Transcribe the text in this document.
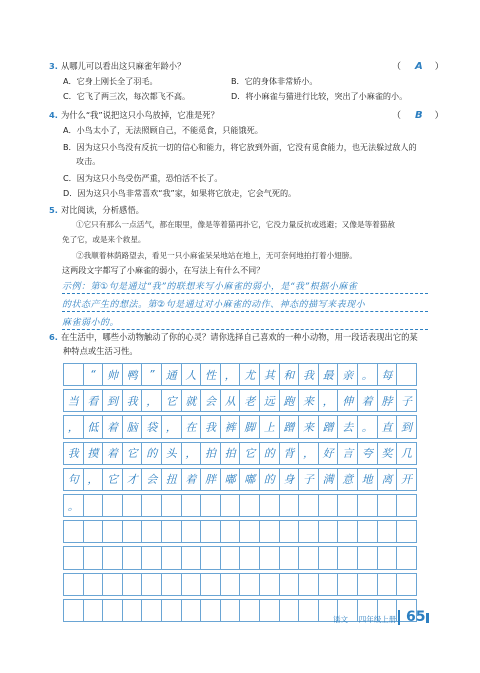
3. 从哪儿可以看出这只麻雀年龄小？	（ A ）
A．它身上刚长全了羽毛。	B．它的身体非常娇小。
C．它飞了两三次，每次都飞不高。	D．将小麻雀与猫进行比较，突出了小麻雀的小。
4. 为什么“我”说把这只小鸟放掉，它准是死？	（ B ）
A．小鸟太小了，无法照顾自己，不能觅食，只能饿死。
B．因为这只小鸟没有反抗一切的信心和能力，将它放到外面，它没有觅食能力，也无法躲过敌人的
攻击。
C．因为这只小鸟受伤严重，恐怕活不长了。
D．因为这只小鸟非常喜欢“我”家，如果将它放走，它会气死的。
5. 对比阅读，分析感悟。
①它只有那么一点活气，都在眼里，像是等着猫再扑它，它没力量反抗或逃避；又像是等着猫赦
免了它，或是来个救星。
②我顺着林荫路望去，看见一只小麻雀呆呆地站在地上，无可奈何地拍打着小翅膀。
这两段文字都写了小麻雀的弱小，在写法上有什么不同？
示例：第①句是通过“我”的联想来写小麻雀的弱小，是“我”根据小麻雀
的状态产生的想法。第②句是通过对小麻雀的动作、神态的描写来表现小
麻雀弱小的。
6. 在生活中，哪些小动物触动了你的心灵？请你选择自己喜欢的一种小动物，用一段话表现出它的某
种特点或生活习性。
“	帅 鸭	”	通 人 性 ， 尤 其 和 我 最 亲 。 每
当 看 到 我 ， 它 就 会 从 老 远 跑 来 ， 伸 着 脖 子
， 低 着 脑 袋 ， 在 我 裤 脚 上 蹭 来 蹭 去 。 直 到
我 摸 着 它 的 头 ， 拍 拍 它 的 背 ， 好 言 夸 奖 几
句 ， 它 才 会 扭 着 胖 嘟 嘟 的 身 子 满 意 地 离 开
。
语文 四年级上册 65
